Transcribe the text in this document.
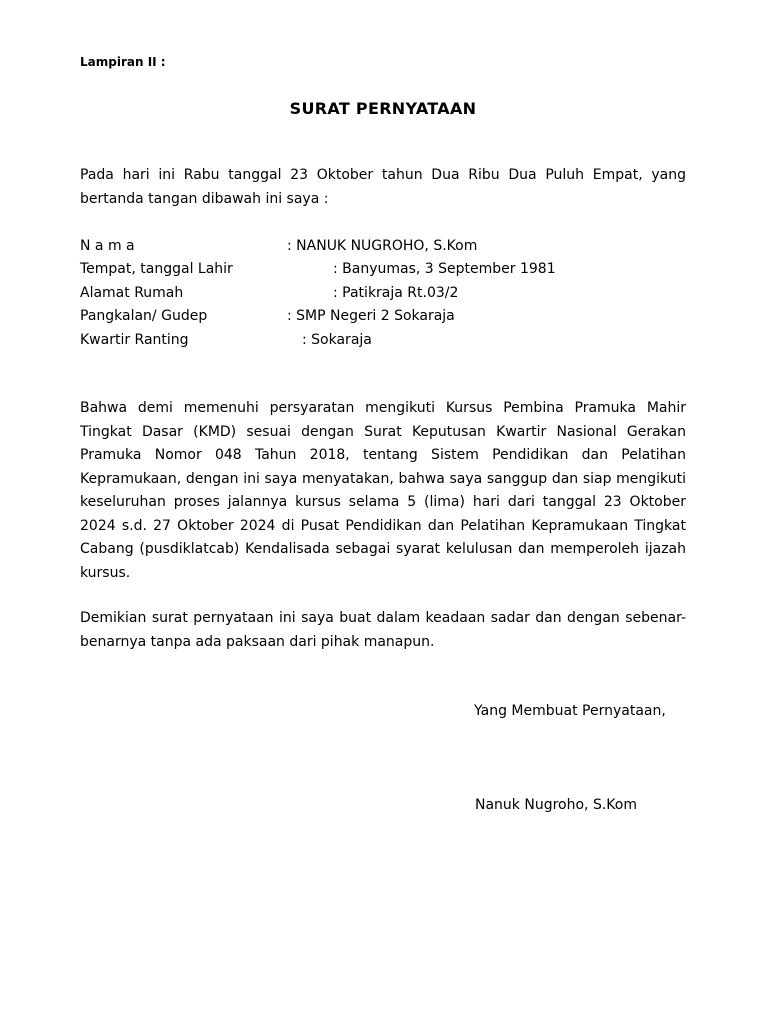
Lampiran II :
SURAT PERNYATAAN
Pada hari ini Rabu tanggal 23 Oktober tahun Dua Ribu Dua Puluh Empat, yang bertanda tangan dibawah ini saya :
N a m a	: NANUK NUGROHO, S.Kom
Tempat, tanggal Lahir	: Banyumas, 3 September 1981
Alamat Rumah	: Patikraja Rt.03/2
Pangkalan/ Gudep	: SMP Negeri 2 Sokaraja
Kwartir Ranting	: Sokaraja
Bahwa demi memenuhi persyaratan mengikuti Kursus Pembina Pramuka Mahir Tingkat Dasar (KMD) sesuai dengan Surat Keputusan Kwartir Nasional Gerakan Pramuka Nomor 048 Tahun 2018, tentang Sistem Pendidikan dan Pelatihan Kepramukaan, dengan ini saya menyatakan, bahwa saya sanggup dan siap mengikuti keseluruhan proses jalannya kursus selama 5 (lima) hari dari tanggal 23 Oktober 2024 s.d. 27 Oktober 2024 di Pusat Pendidikan dan Pelatihan Kepramukaan Tingkat Cabang (pusdiklatcab) Kendalisada sebagai syarat kelulusan dan memperoleh ijazah kursus.
Demikian surat pernyataan ini saya buat dalam keadaan sadar dan dengan sebenar-benarnya tanpa ada paksaan dari pihak manapun.
Yang Membuat Pernyataan,
Nanuk Nugroho, S.Kom
